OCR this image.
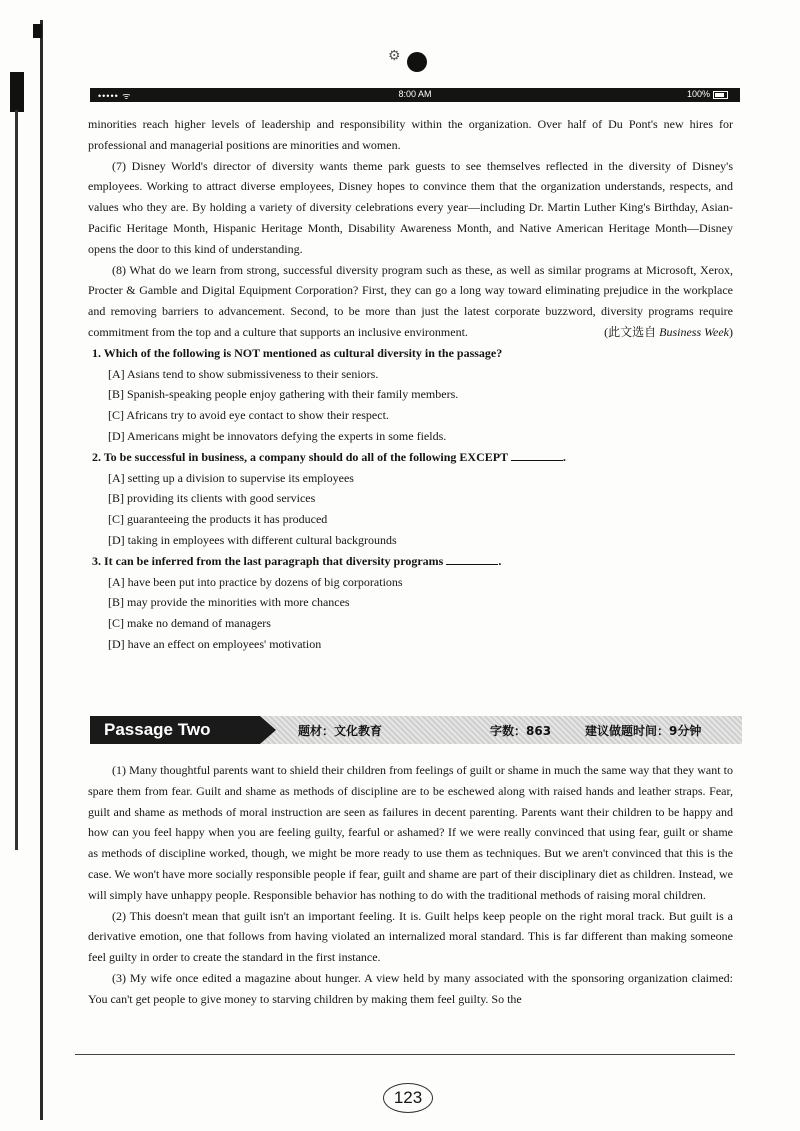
⚙
••••• ᯤ	8:00 AM	100%

minorities reach higher levels of leadership and responsibility within the organization. Over half of Du Pont's new hires for professional and managerial positions are minorities and women.

(7) Disney World's director of diversity wants theme park guests to see themselves reflected in the diversity of Disney's employees. Working to attract diverse employees, Disney hopes to convince them that the organization understands, respects, and values who they are. By holding a variety of diversity celebrations every year—including Dr. Martin Luther King's Birthday, Asian-Pacific Heritage Month, Hispanic Heritage Month, Disability Awareness Month, and Native American Heritage Month—Disney opens the door to this kind of understanding.

(8) What do we learn from strong, successful diversity program such as these, as well as similar programs at Microsoft, Xerox, Procter & Gamble and Digital Equipment Corporation? First, they can go a long way toward eliminating prejudice in the workplace and removing barriers to advancement. Second, to be more than just the latest corporate buzzword, diversity programs require commitment from the top and a culture that supports an inclusive environment.	(此文选自 Business Week)

1. Which of the following is NOT mentioned as cultural diversity in the passage?

[A] Asians tend to show submissiveness to their seniors.

[B] Spanish-speaking people enjoy gathering with their family members.

[C] Africans try to avoid eye contact to show their respect.

[D] Americans might be innovators defying the experts in some fields.

2. To be successful in business, a company should do all of the following EXCEPT	.

[A] setting up a division to supervise its employees

[B] providing its clients with good services

[C] guaranteeing the products it has produced

[D] taking in employees with different cultural backgrounds

3. It can be inferred from the last paragraph that diversity programs	.

[A] have been put into practice by dozens of big corporations

[B] may provide the minorities with more chances

[C] make no demand of managers

[D] have an effect on employees' motivation

Passage Two	题材：文化教育	字数：863	建议做题时间：9分钟

(1) Many thoughtful parents want to shield their children from feelings of guilt or shame in much the same way that they want to spare them from fear. Guilt and shame as methods of discipline are to be eschewed along with raised hands and leather straps. Fear, guilt and shame as methods of moral instruction are seen as failures in decent parenting. Parents want their children to be happy and how can you feel happy when you are feeling guilty, fearful or ashamed? If we were really convinced that using fear, guilt or shame as methods of discipline worked, though, we might be more ready to use them as techniques. But we aren't convinced that this is the case. We won't have more socially responsible people if fear, guilt and shame are part of their disciplinary diet as children. Instead, we will simply have unhappy people. Responsible behavior has nothing to do with the traditional methods of raising moral children.

(2) This doesn't mean that guilt isn't an important feeling. It is. Guilt helps keep people on the right moral track. But guilt is a derivative emotion, one that follows from having violated an internalized moral standard. This is far different than making someone feel guilty in order to create the standard in the first instance.

(3) My wife once edited a magazine about hunger. A view held by many associated with the sponsoring organization claimed: You can't get people to give money to starving children by making them feel guilty. So the

123
